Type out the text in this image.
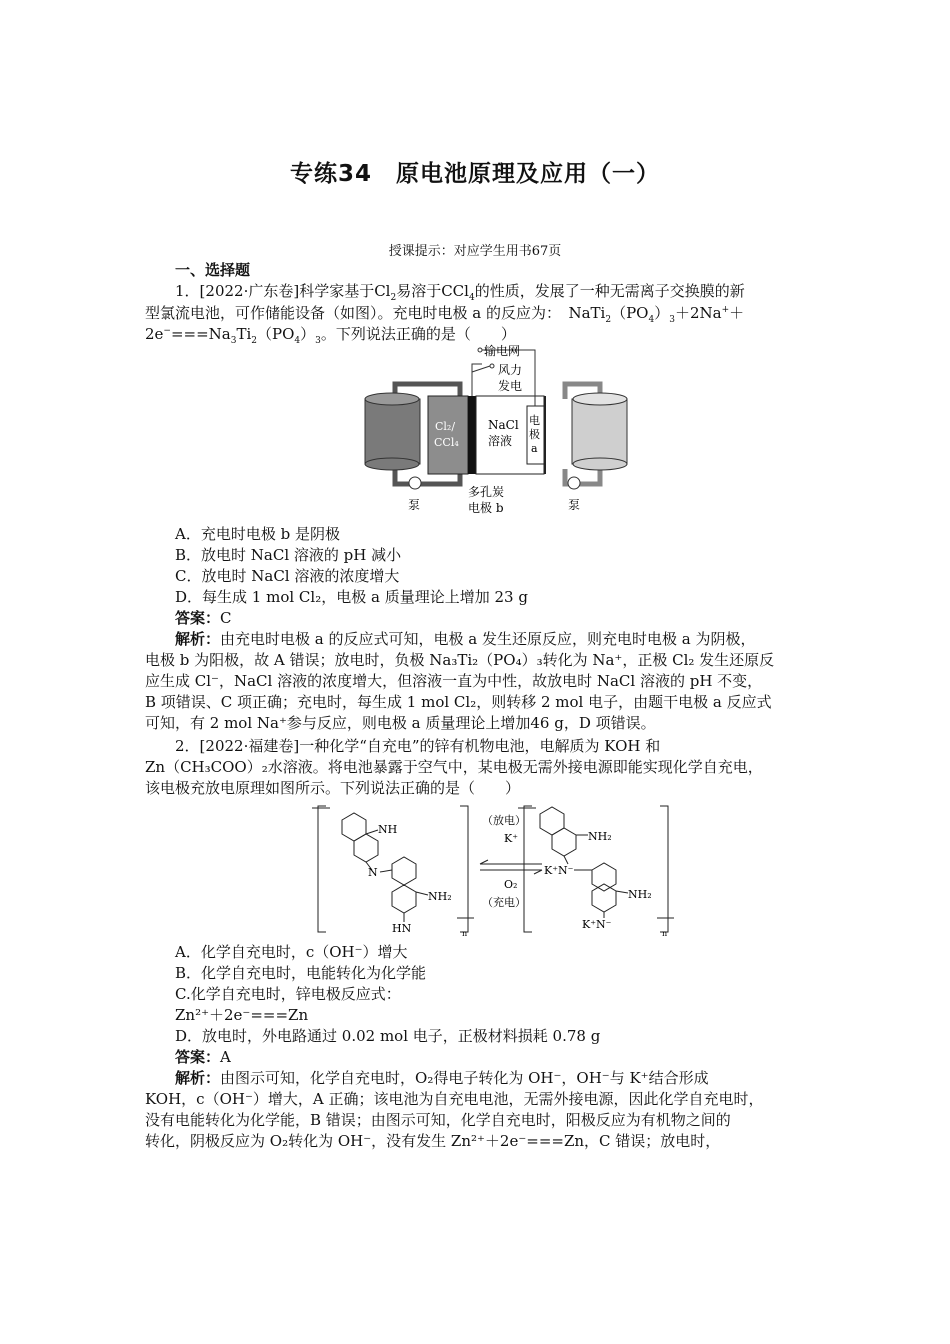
专练34　原电池原理及应用（一）
授课提示：对应学生用书67页
一、选择题
1．[2022·广东卷]科学家基于$Cl_2$易溶于CCl$_4$的性质，发展了一种无需离子交换膜的新
型氯流电池，可作储能设备（如图）。充电时电极 a 的反应为：　$NaTi_2(PO_4)_3+2Na^++$
$2e^-===Na_3Ti_2(PO_4)_3$。下列说法正确的是（　　）
输电网
风力
发电
Cl₂/
CCl₄
NaCl
溶液
电
极
a
泵	泵
多孔炭
电极 b
A．充电时电极 b 是阴极
B．放电时 NaCl 溶液的 pH 减小
C．放电时 NaCl 溶液的浓度增大
D．每生成 1 mol Cl₂，电极 a 质量理论上增加 23 g
答案：C
解析：由充电时电极 a 的反应式可知，电极 a 发生还原反应，则充电时电极 a 为阴极，
电极 b 为阳极，故 A 错误；放电时，负极 Na₃Ti₂（PO₄）₃转化为 Na⁺，正极 Cl₂ 发生还原反
应生成 Cl⁻，NaCl 溶液的浓度增大，但溶液一直为中性，故放电时 NaCl 溶液的 pH 不变，
B 项错误、C 项正确；充电时，每生成 1 mol Cl₂，则转移 2 mol 电子，由题干电极 a 反应式
可知，有 2 mol Na⁺参与反应，则电极 a 质量理论上增加46 g，D 项错误。
2．[2022·福建卷]一种化学“自充电”的锌有机物电池，电解质为 KOH 和
Zn（CH₃COO）₂水溶液。将电池暴露于空气中，某电极无需外接电源即能实现化学自充电，
该电极充放电原理如图所示。下列说法正确的是（　　）
NH
N
NH₂
HN	n
（放电）
K⁺
O₂
（充电）
NH₂
K⁺N⁻
NH₂
K⁺N⁻
n
A．化学自充电时，c（OH⁻）增大
B．化学自充电时，电能转化为化学能
C.化学自充电时，锌电极反应式：
Zn²⁺＋2e⁻===Zn
D．放电时，外电路通过 0.02 mol 电子，正极材料损耗 0.78 g
答案：A
解析：由图示可知，化学自充电时，O₂得电子转化为 OH⁻，OH⁻与 K⁺结合形成
KOH，c（OH⁻）增大，A 正确；该电池为自充电电池，无需外接电源，因此化学自充电时，
没有电能转化为化学能，B 错误；由图示可知，化学自充电时，阳极反应为有机物之间的
转化，阴极反应为 O₂转化为 OH⁻，没有发生 Zn²⁺＋2e⁻===Zn，C 错误；放电时，
